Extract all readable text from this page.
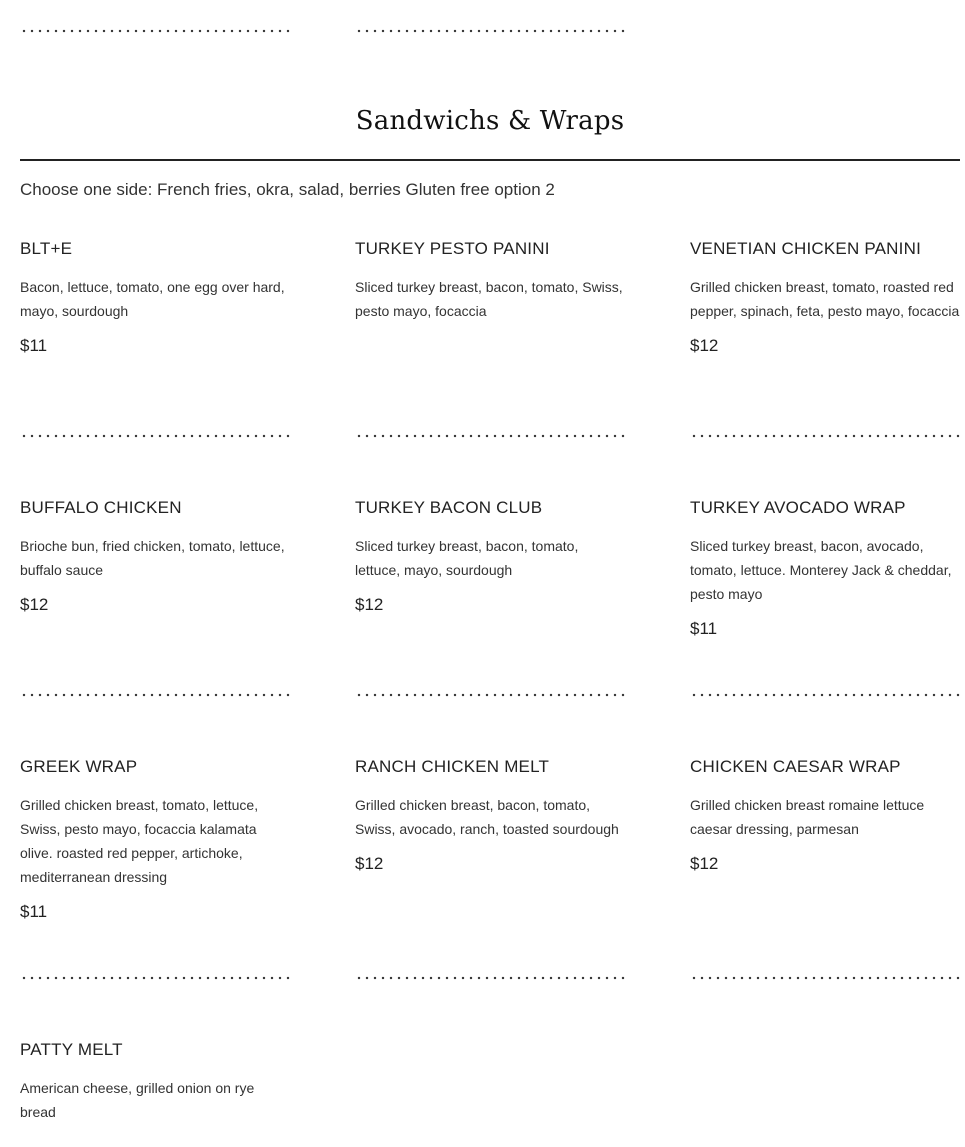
Sandwichs & Wraps
Choose one side: French fries, okra, salad, berries Gluten free option 2
BLT+E
Bacon, lettuce, tomato, one egg over hard, mayo, sourdough
$11
TURKEY PESTO PANINI
Sliced turkey breast, bacon, tomato, Swiss, pesto mayo, focaccia
VENETIAN CHICKEN PANINI
Grilled chicken breast, tomato, roasted red pepper, spinach, feta, pesto mayo, focaccia
$12
BUFFALO CHICKEN
Brioche bun, fried chicken, tomato, lettuce, buffalo sauce
$12
TURKEY BACON CLUB
Sliced turkey breast, bacon, tomato, lettuce, mayo, sourdough
$12
TURKEY AVOCADO WRAP
Sliced turkey breast, bacon, avocado, tomato, lettuce. Monterey Jack & cheddar, pesto mayo
$11
GREEK WRAP
Grilled chicken breast, tomato, lettuce, Swiss, pesto mayo, focaccia kalamata olive. roasted red pepper, artichoke, mediterranean dressing
$11
RANCH CHICKEN MELT
Grilled chicken breast, bacon, tomato, Swiss, avocado, ranch, toasted sourdough
$12
CHICKEN CAESAR WRAP
Grilled chicken breast romaine lettuce caesar dressing, parmesan
$12
PATTY MELT
American cheese, grilled onion on rye bread
